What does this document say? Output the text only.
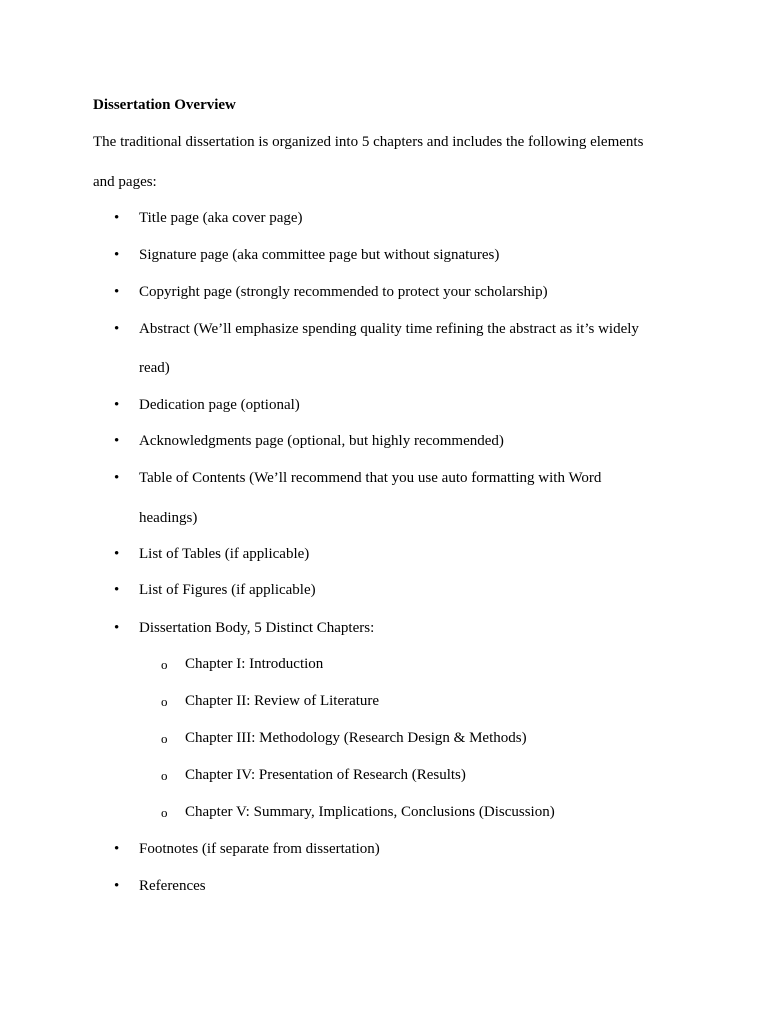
Dissertation Overview
The traditional dissertation is organized into 5 chapters and includes the following elements
and pages:
•	Title page (aka cover page)
•	Signature page (aka committee page but without signatures)
•	Copyright page (strongly recommended to protect your scholarship)
•	Abstract (We’ll emphasize spending quality time refining the abstract as it’s widely
read)
•	Dedication page (optional)
•	Acknowledgments page (optional, but highly recommended)
•	Table of Contents (We’ll recommend that you use auto formatting with Word
headings)
•	List of Tables (if applicable)
•	List of Figures (if applicable)
•	Dissertation Body, 5 Distinct Chapters:
o Chapter I: Introduction
o Chapter II: Review of Literature
o Chapter III: Methodology (Research Design & Methods)
o Chapter IV: Presentation of Research (Results)
o Chapter V: Summary, Implications, Conclusions (Discussion)
•	Footnotes (if separate from dissertation)
•	References
